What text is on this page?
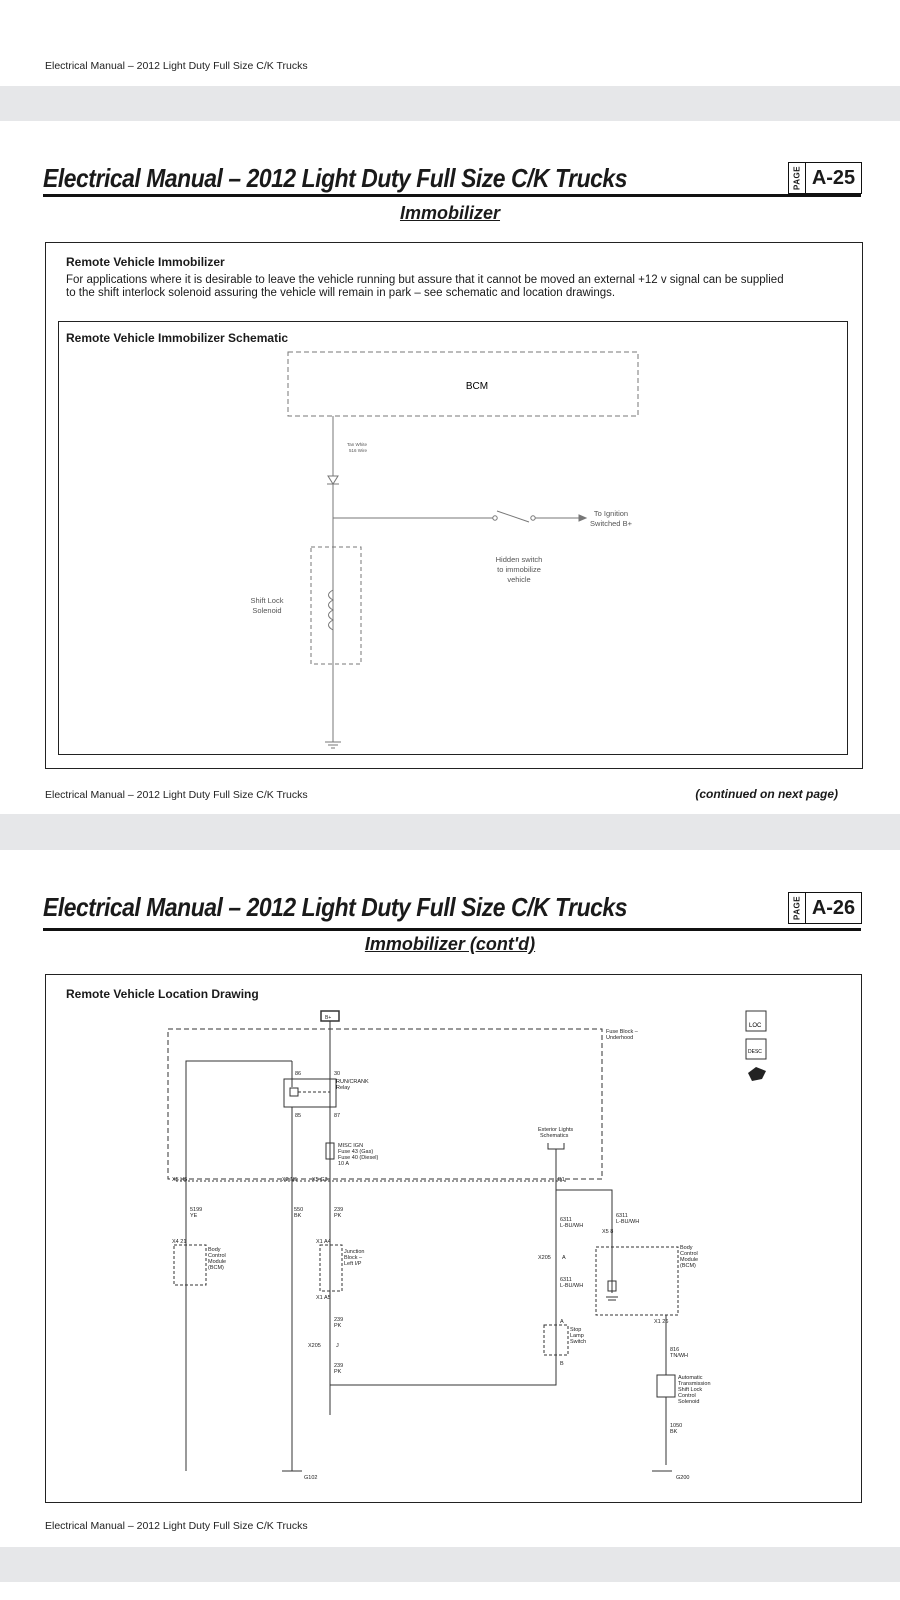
Electrical Manual – 2012 Light Duty Full Size C/K Trucks
Electrical Manual – 2012 Light Duty Full Size C/K Trucks	PAGE A-25
Immobilizer
Remote Vehicle Immobilizer
For applications where it is desirable to leave the vehicle running but assure that it cannot be moved an external +12 v signal can be supplied
to the shift interlock solenoid assuring the vehicle will remain in park – see schematic and location drawings.
Remote Vehicle Immobilizer Schematic
BCM
Tan White
516 Wire
To Ignition
Switched B+
Hidden switch
to immobilize
vehicle
Shift Lock
Solenoid
Electrical Manual – 2012 Light Duty Full Size C/K Trucks	(continued on next page)
Electrical Manual – 2012 Light Duty Full Size C/K Trucks	PAGE A-26
Immobilizer (cont'd)
Remote Vehicle Location Drawing
B+
Fuse Block –
Underhood
86	30
85	87
RUN/CRANK
Relay
MISC IGN
Fuse 43 (Gas)
Fuse 40 (Diesel)
10 A
Exterior Lights
Schematics
X5 H5	X2 N5	X5 G3	B1
5199
YE
550
BK
239
PK
6311
L-BU/WH
6311
L-BU/WH
X4 21
Body
Control
Module
(BCM)
X1 A4
Junction
Block –
Left I/P
X1 A5
239
PK
X205	J
239
PK
X205 A
6311
L-BU/WH
A
Stop
Lamp
Switch
B
X5 8
Body
Control
Module
(BCM)
X1 26
816
TN/WH
Automatic
Transmission
Shift Lock
Control
Solenoid
1050
BK
G102	G200
LOC
DESC
Electrical Manual – 2012 Light Duty Full Size C/K Trucks
